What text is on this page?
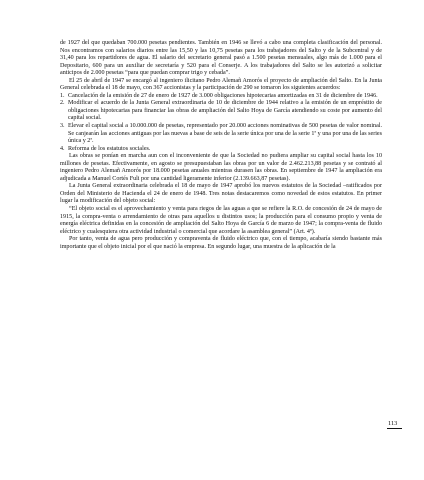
de 1927 del que quedaban 700.000 pesetas pendientes. También en 1946 se llevó a cabo una completa clasificación del personal. Nos encontramos con salarios diarios entre las 15,50 y las 10,75 pesetas para los trabajadores del Salto y de la Subcentral y de 31,40 para los repartidores de agua. El salario del secretario general pasó a 1.500 pesetas mensuales, algo más de 1.000 para el Depositario, 600 para un auxiliar de secretaría y 520 para el Conserje. A los trabajadores del Salto se les autorizó a solicitar anticipos de 2.000 pesetas “para que puedan comprar trigo y cebada”.

El 25 de abril de 1947 se encargó al ingeniero ilicitano Pedro Alemañ Amorós el proyecto de ampliación del Salto. En la Junta General celebrada el 18 de mayo, con 367 accionistas y la participación de 290 se tomaron los siguientes acuerdos:

1. Cancelación de la emisión de 27 de enero de 1927 de 3.000 obligaciones hipotecarias amortizadas en 31 de diciembre de 1946.
2. Modificar el acuerdo de la Junta General extraordinaria de 10 de diciembre de 1944 relativo a la emisión de un empréstito de obligaciones hipotecarias para financiar las obras de ampliación del Salto Hoya de García atendiendo su coste por aumento del capital social.
3. Elevar el capital social a 10.000.000 de pesetas, representado por 20.000 acciones nominativas de 500 pesetas de valor nominal. Se canjearán las acciones antiguas por las nuevas a base de seis de la serie única por una de la serie 1ª y una por una de las series única y 2ª.
4. Reforma de los estatutos sociales.

Las obras se ponían en marcha aun con el inconveniente de que la Sociedad no pudiera ampliar su capital social hasta los 10 millones de pesetas. Efectivamente, en agosto se presupuestaban las obras por un valor de 2.462.213,88 pesetas y se contrató al ingeniero Pedro Alemañ Amorós por 18.000 pesetas anuales mientras durasen las obras. En septiembre de 1947 la ampliación era adjudicada a Manuel Cortés Fuli por una cantidad ligeramente inferior (2.139.663,87 pesetas).

La Junta General extraordinaria celebrada el 18 de mayo de 1947 aprobó los nuevos estatutos de la Sociedad –ratificados por Orden del Ministerio de Hacienda el 24 de enero de 1948. Tres notas destacaremos como novedad de estos estatutos. En primer lugar la modificación del objeto social:

“El objeto social es el aprovechamiento y venta para riegos de las aguas a que se refiere la R.O. de concesión de 24 de mayo de 1915, la compra-venta o arrendamiento de otras para aquellos u distintos usos; la producción para el consumo propio y venta de energía eléctrica definidas en la concesión de ampliación del Salto Hoya de García 6 de marzo de 1947; la compra-venta de fluido eléctrico y cualesquiera otra actividad industrial o comercial que acordare la asamblea general” (Art. 4º).

Por tanto, venta de agua pero producción y compraventa de fluido eléctrico que, con el tiempo, acabaría siendo bastante más importante que el objeto inicial por el que nació la empresa. En segundo lugar, una muestra de la aplicación de la

113
